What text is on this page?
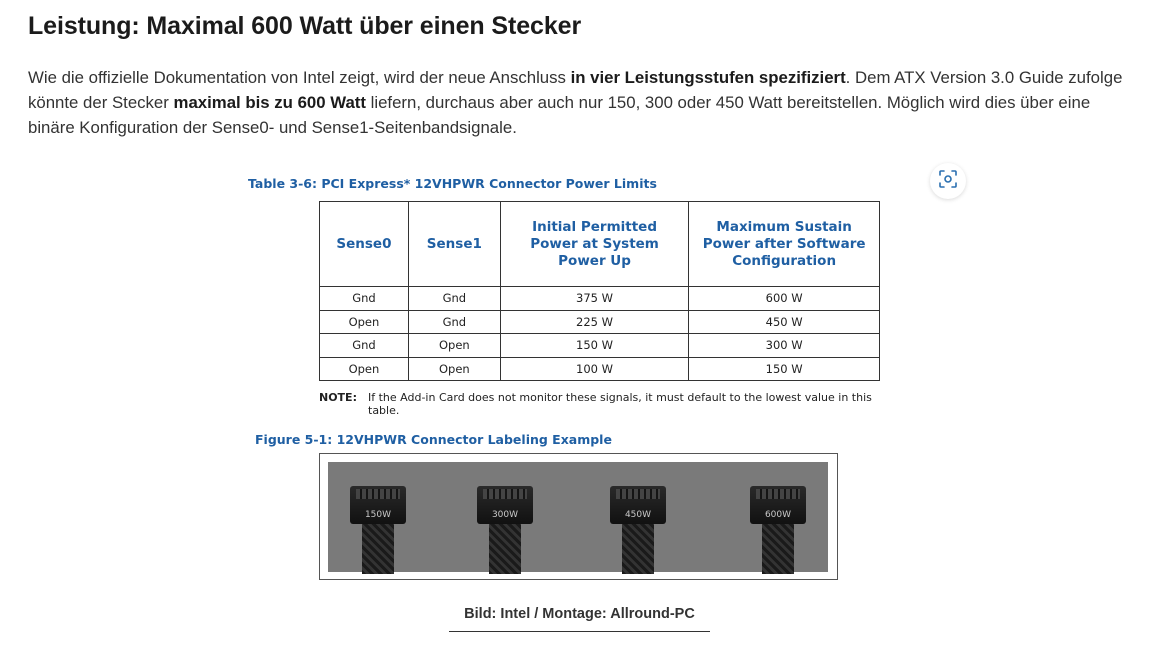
Leistung: Maximal 600 Watt über einen Stecker

Wie die offizielle Dokumentation von Intel zeigt, wird der neue Anschluss in vier Leistungsstufen spezifiziert. Dem ATX Version 3.0 Guide zufolge könnte der Stecker maximal bis zu 600 Watt liefern, durchaus aber auch nur 150, 300 oder 450 Watt bereitstellen. Möglich wird dies über eine binäre Konfiguration der Sense0- und Sense1-Seitenbandsignale.

Table 3-6: PCI Express* 12VHPWR Connector Power Limits

Sense0	Sense1	Initial Permitted Power at System Power Up	Maximum Sustain Power after Software Configuration
Gnd	Gnd	375 W	600 W
Open	Gnd	225 W	450 W
Gnd	Open	150 W	300 W
Open	Open	100 W	150 W
NOTE: If the Add-in Card does not monitor these signals, it must default to the lowest value in this table.

Figure 5-1: 12VHPWR Connector Labeling Example

150W	300W	450W	600W
Bild: Intel / Montage: Allround-PC
